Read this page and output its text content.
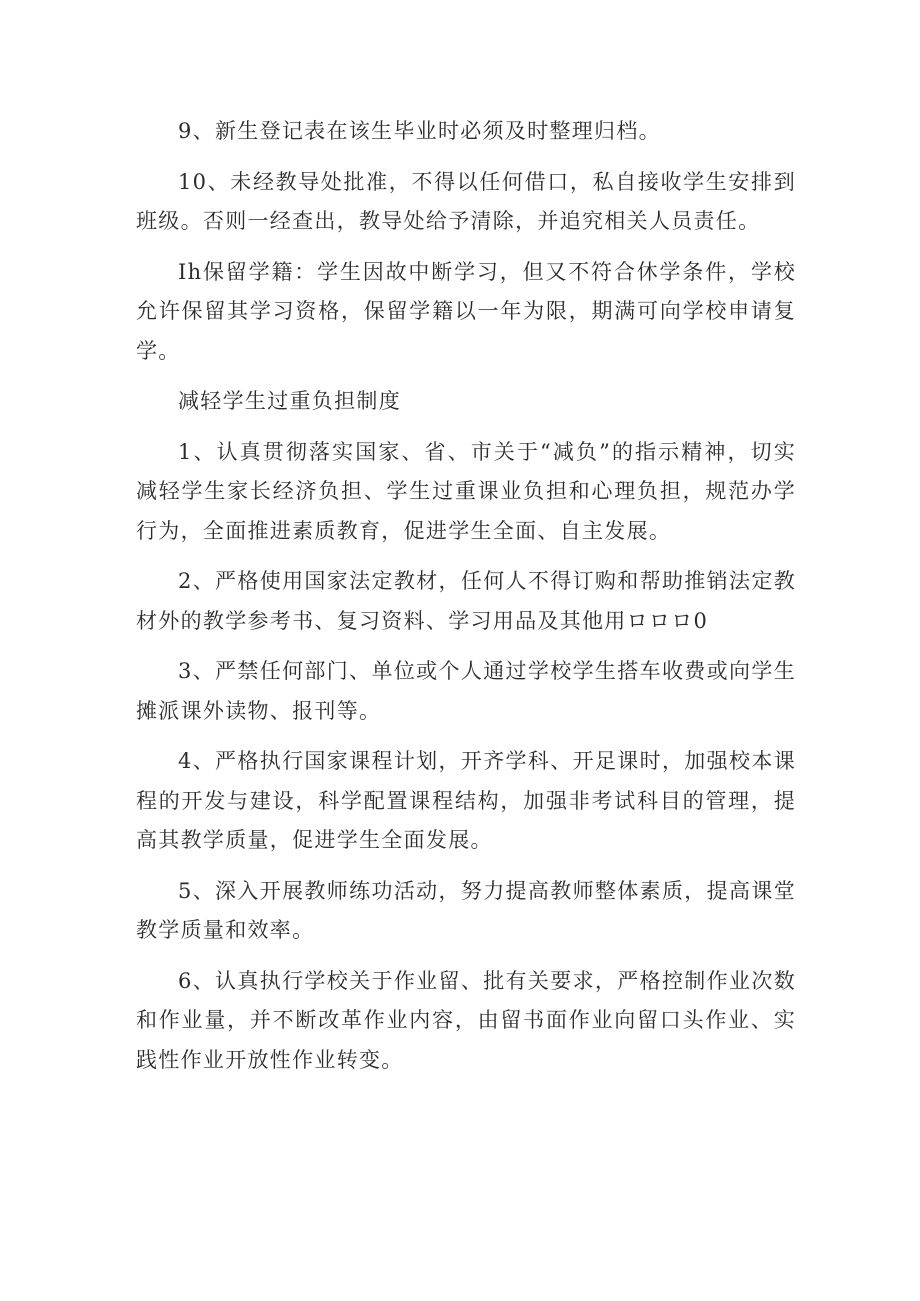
9、新生登记表在该生毕业时必须及时整理归档。

10、未经教导处批准，不得以任何借口，私自接收学生安排到班级。否则一经查出，教导处给予清除，并追究相关人员责任。

Ih保留学籍：学生因故中断学习，但又不符合休学条件，学校允许保留其学习资格，保留学籍以一年为限，期满可向学校申请复学。

减轻学生过重负担制度

1、认真贯彻落实国家、省、市关于“减负”的指示精神，切实减轻学生家长经济负担、学生过重课业负担和心理负担，规范办学行为，全面推进素质教育，促进学生全面、自主发展。

2、严格使用国家法定教材，任何人不得订购和帮助推销法定教材外的教学参考书、复习资料、学习用品及其他用ロロロ0

3、严禁任何部门、单位或个人通过学校学生搭车收费或向学生摊派课外读物、报刊等。

4、严格执行国家课程计划，开齐学科、开足课时，加强校本课程的开发与建设，科学配置课程结构，加强非考试科目的管理，提高其教学质量，促进学生全面发展。

5、深入开展教师练功活动，努力提高教师整体素质，提高课堂教学质量和效率。

6、认真执行学校关于作业留、批有关要求，严格控制作业次数和作业量，并不断改革作业内容，由留书面作业向留口头作业、实践性作业开放性作业转变。
